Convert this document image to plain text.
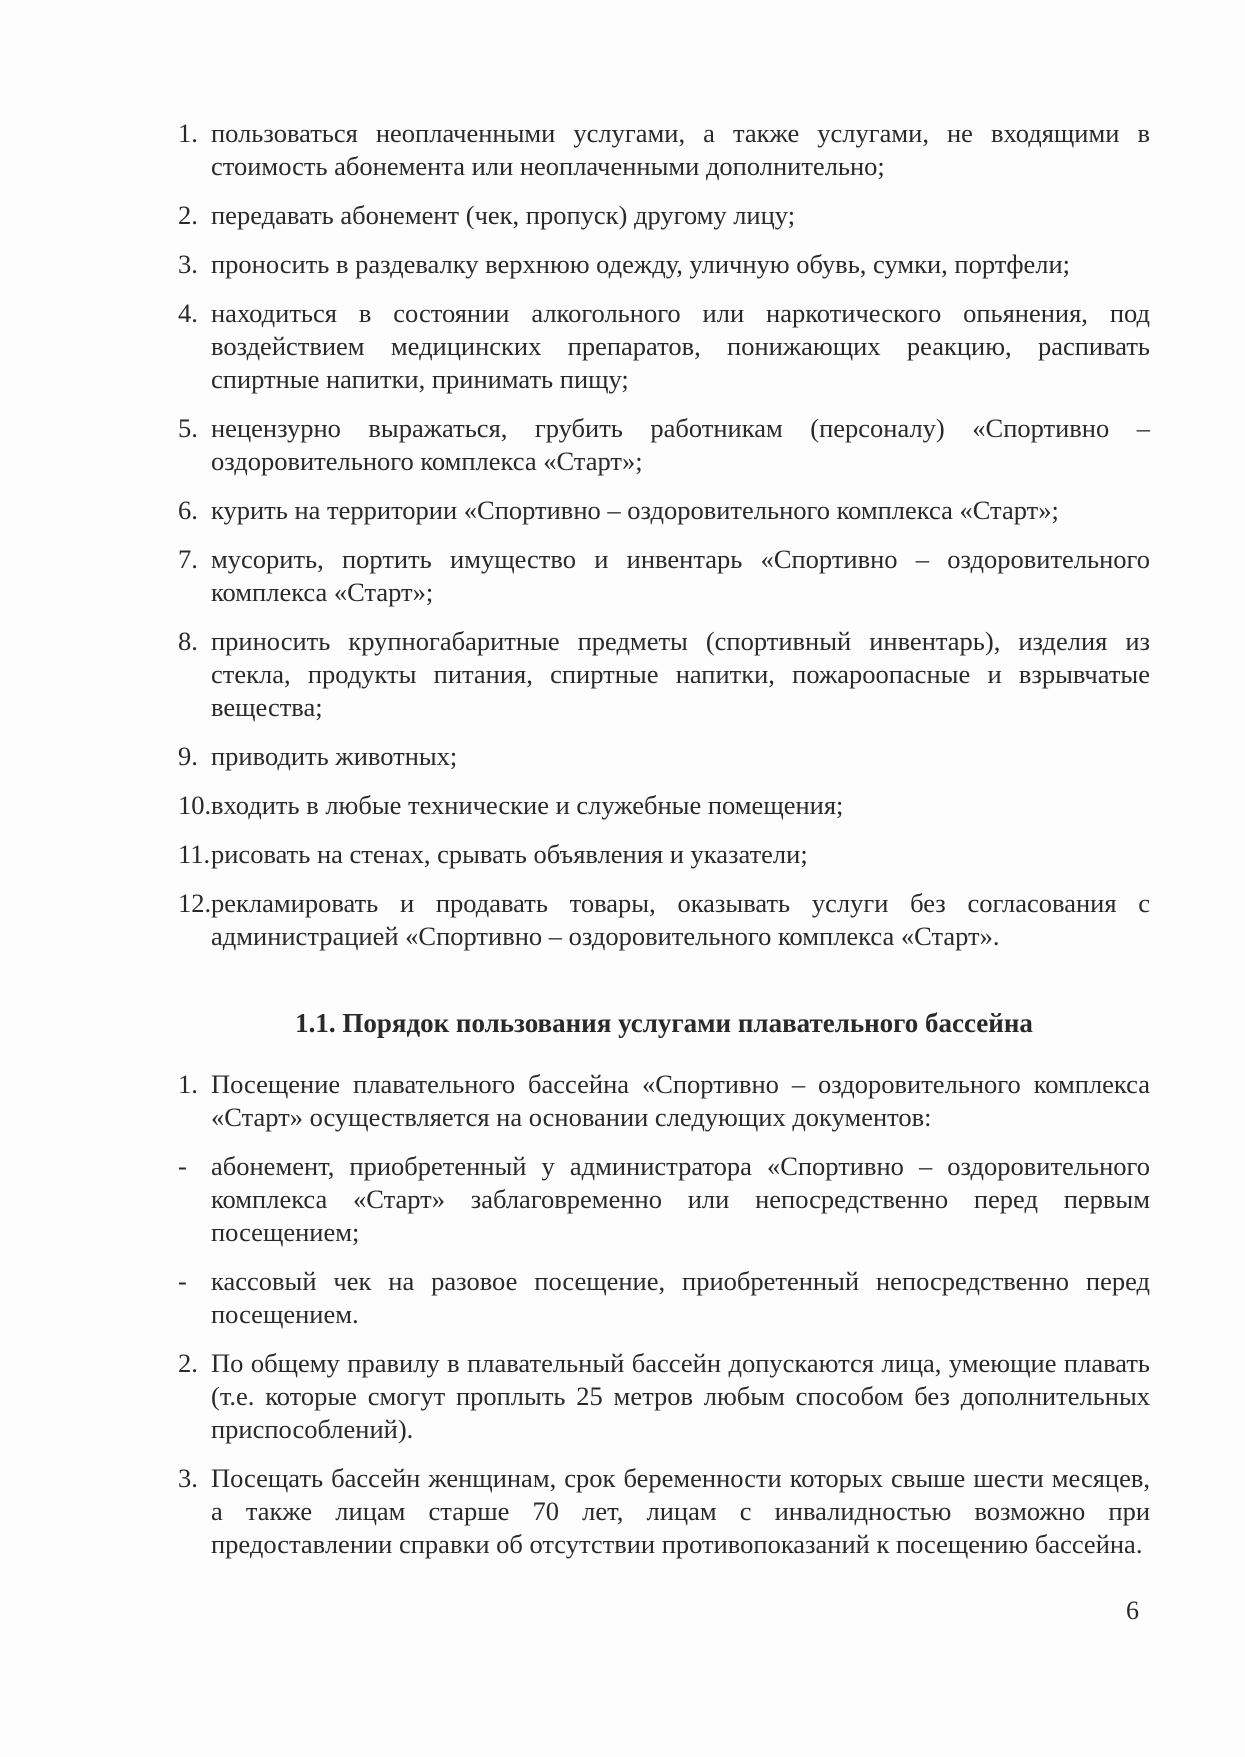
1. пользоваться неоплаченными услугами, а также услугами, не входящими в стоимость абонемента или неоплаченными дополнительно;
2. передавать абонемент (чек, пропуск) другому лицу;
3. проносить в раздевалку верхнюю одежду, уличную обувь, сумки, портфели;
4. находиться в состоянии алкогольного или наркотического опьянения, под воздействием медицинских препаратов, понижающих реакцию, распивать спиртные напитки, принимать пищу;
5. нецензурно выражаться, грубить работникам (персоналу) «Спортивно – оздоровительного комплекса «Старт»;
6. курить на территории «Спортивно – оздоровительного комплекса «Старт»;
7. мусорить, портить имущество и инвентарь «Спортивно – оздоровительного комплекса «Старт»;
8. приносить крупногабаритные предметы (спортивный инвентарь), изделия из стекла, продукты питания, спиртные напитки, пожароопасные и взрывчатые вещества;
9. приводить животных;
10. входить в любые технические и служебные помещения;
11. рисовать на стенах, срывать объявления и указатели;
12. рекламировать и продавать товары, оказывать услуги без согласования с администрацией «Спортивно – оздоровительного комплекса «Старт».
1.1. Порядок пользования услугами плавательного бассейна
1. Посещение плавательного бассейна «Спортивно – оздоровительного комплекса «Старт» осуществляется на основании следующих документов:
- абонемент, приобретенный у администратора «Спортивно – оздоровительного комплекса «Старт» заблаговременно или непосредственно перед первым посещением;
- кассовый чек на разовое посещение, приобретенный непосредственно перед посещением.
2. По общему правилу в плавательный бассейн допускаются лица, умеющие плавать (т.е. которые смогут проплыть 25 метров любым способом без дополнительных приспособлений).
3. Посещать бассейн женщинам, срок беременности которых свыше шести месяцев, а также лицам старше 70 лет, лицам с инвалидностью возможно при предоставлении справки об отсутствии противопоказаний к посещению бассейна.
6
